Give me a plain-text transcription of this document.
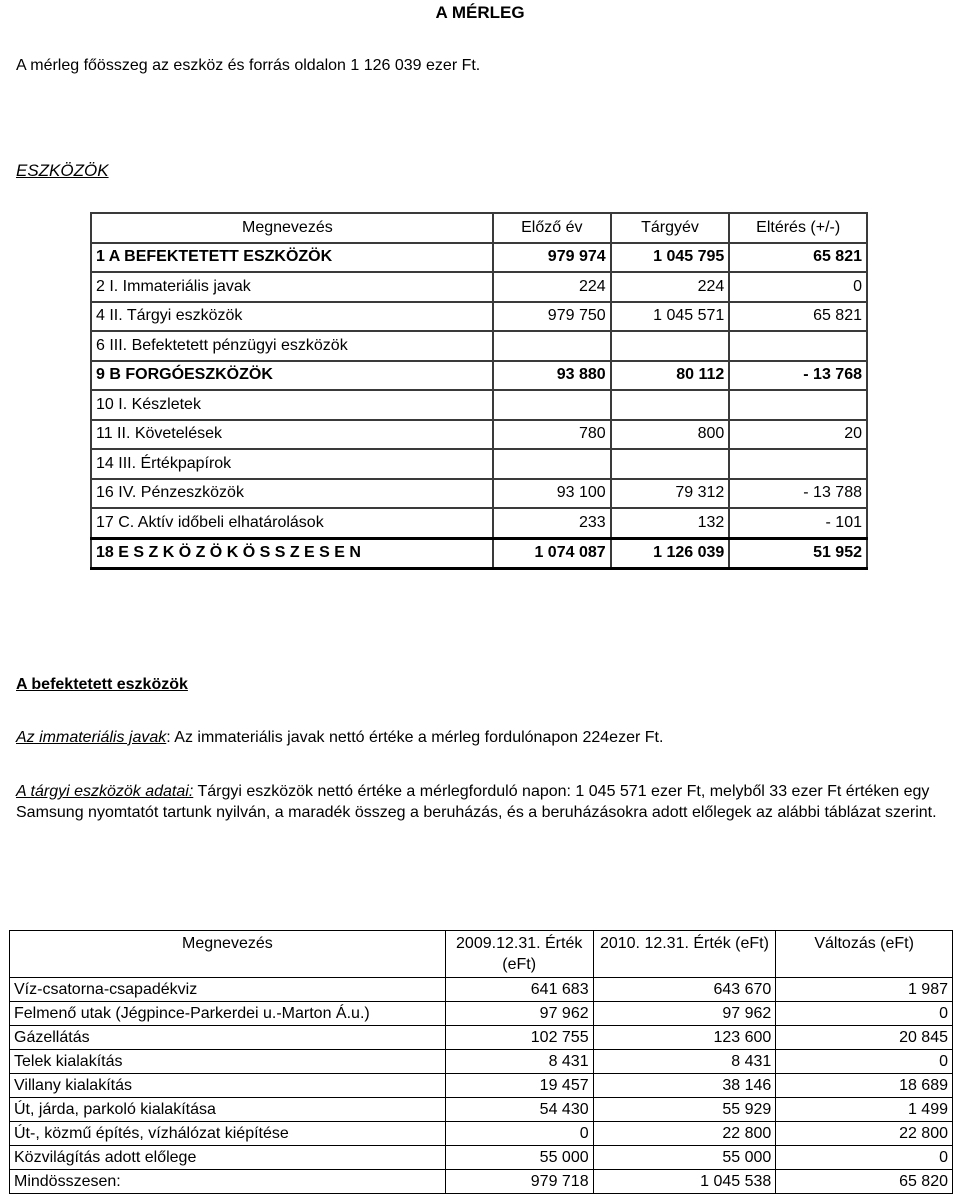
A MÉRLEG
A mérleg főösszeg az eszköz és forrás oldalon 1 126 039 ezer Ft.
ESZKÖZÖK
Megnevezés	Előző év	Tárgyév	Eltérés (+/-)
1 A BEFEKTETETT ESZKÖZÖK	979 974	1 045 795	65 821
2 I. Immateriális javak	224	224	0
4 II. Tárgyi eszközök	979 750	1 045 571	65 821
6 III. Befektetett pénzügyi eszközök			
9 B FORGÓESZKÖZÖK	93 880	80 112	- 13 768
10 I. Készletek			
11 II. Követelések	780	800	20
14 III. Értékpapírok			
16 IV. Pénzeszközök	93 100	79 312	- 13 788
17 C. Aktív időbeli elhatárolások	233	132	- 101
18 E S Z K Ö Z Ö K Ö S S Z E S E N	1 074 087	1 126 039	51 952
A befektetett eszközök
Az immateriális javak: Az immateriális javak nettó értéke a mérleg fordulónapon 224ezer Ft.
A tárgyi eszközök adatai: Tárgyi eszközök nettó értéke a mérlegforduló napon: 1 045 571 ezer Ft, melyből 33 ezer Ft értéken egy Samsung nyomtatót tartunk nyilván, a maradék összeg a beruházás, és a beruházásokra adott előlegek az alábbi táblázat szerint.
Megnevezés	2009.12.31. Érték (eFt)	2010. 12.31. Érték (eFt)	Változás (eFt)
Víz-csatorna-csapadékviz	641 683	643 670	1 987
Felmenő utak (Jégpince-Parkerdei u.-Marton Á.u.)	97 962	97 962	0
Gázellátás	102 755	123 600	20 845
Telek kialakítás	8 431	8 431	0
Villany kialakítás	19 457	38 146	18 689
Út, járda, parkoló kialakítása	54 430	55 929	1 499
Út-, közmű építés, vízhálózat kiépítése	0	22 800	22 800
Közvilágítás adott előlege	55 000	55 000	0
Mindösszesen:	979 718	1 045 538	65 820
